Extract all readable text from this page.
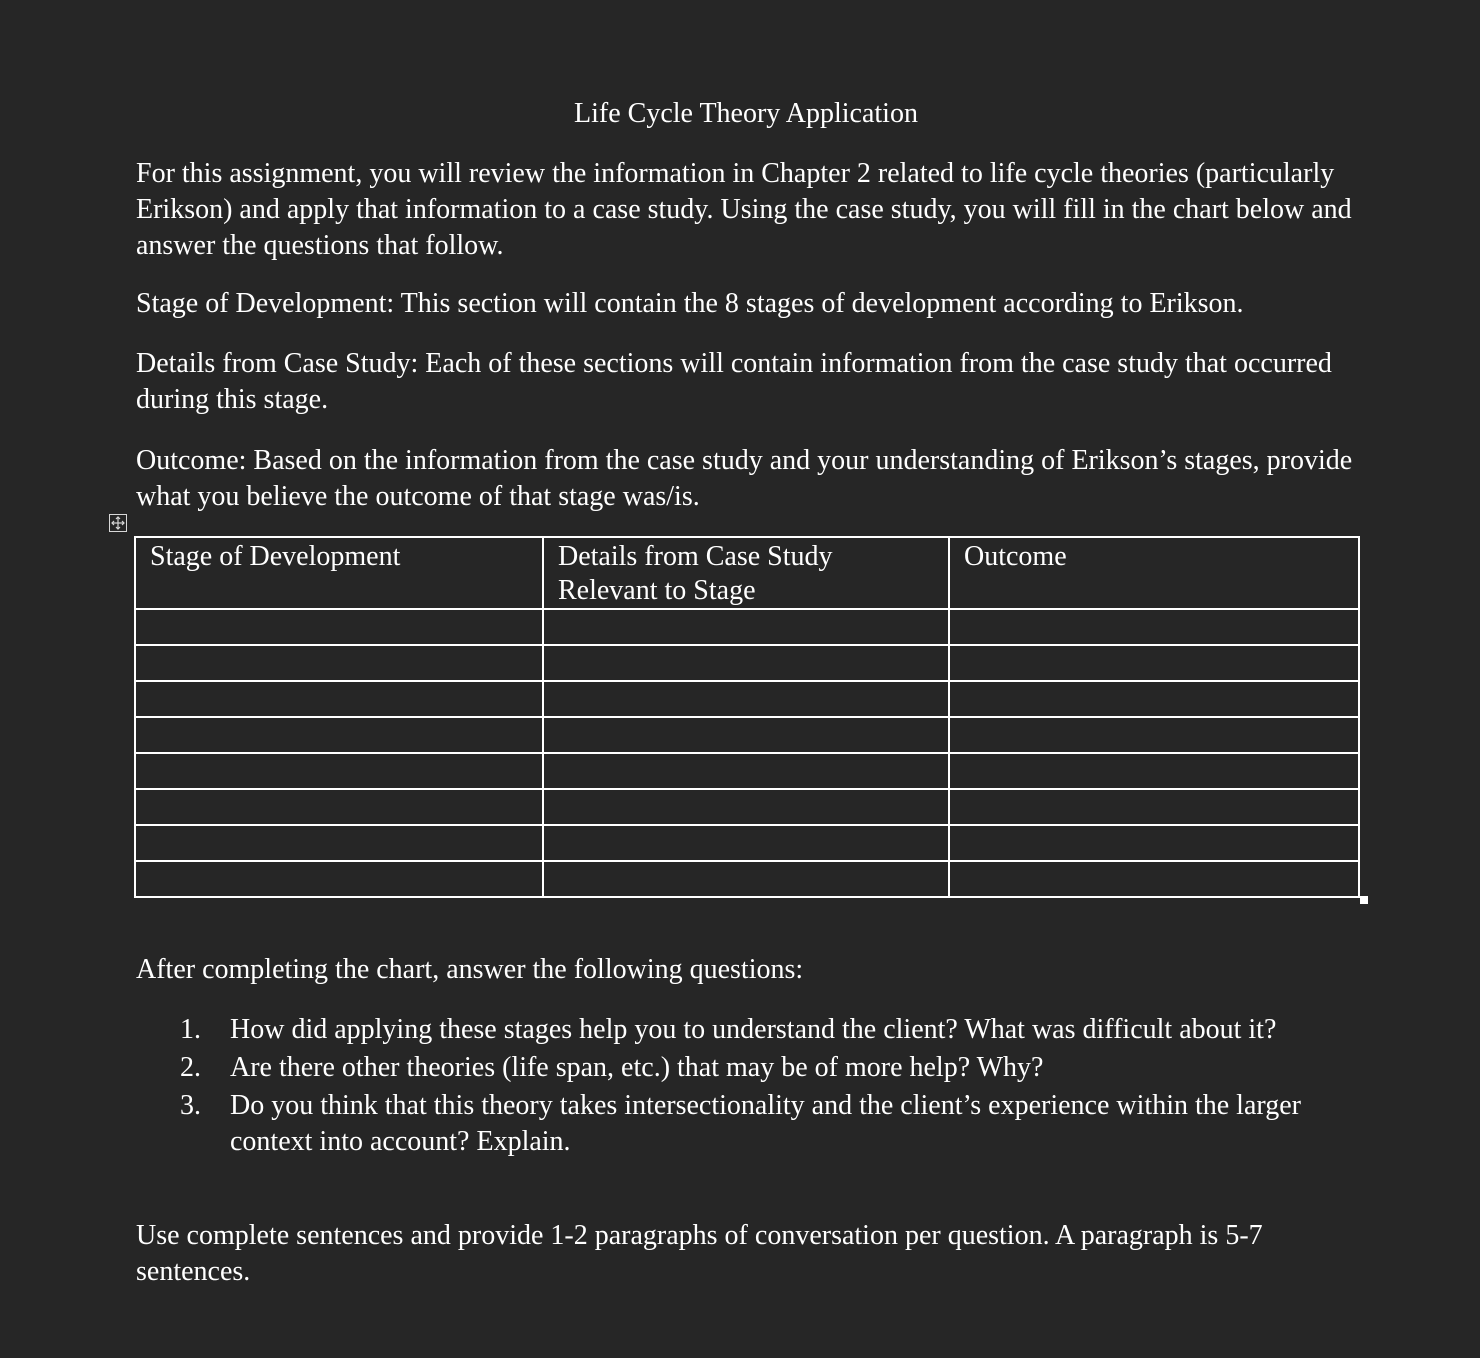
Life Cycle Theory Application

For this assignment, you will review the information in Chapter 2 related to life cycle theories (particularly Erikson) and apply that information to a case study. Using the case study, you will fill in the chart below and answer the questions that follow.

Stage of Development: This section will contain the 8 stages of development according to Erikson.

Details from Case Study: Each of these sections will contain information from the case study that occurred during this stage.

Outcome: Based on the information from the case study and your understanding of Erikson’s stages, provide what you believe the outcome of that stage was/is.

Stage of Development	Details from Case Study Relevant to Stage	Outcome

After completing the chart, answer the following questions:

1.	How did applying these stages help you to understand the client? What was difficult about it?
2.	Are there other theories (life span, etc.) that may be of more help? Why?
3.	Do you think that this theory takes intersectionality and the client’s experience within the larger context into account? Explain.

Use complete sentences and provide 1-2 paragraphs of conversation per question. A paragraph is 5-7 sentences.
